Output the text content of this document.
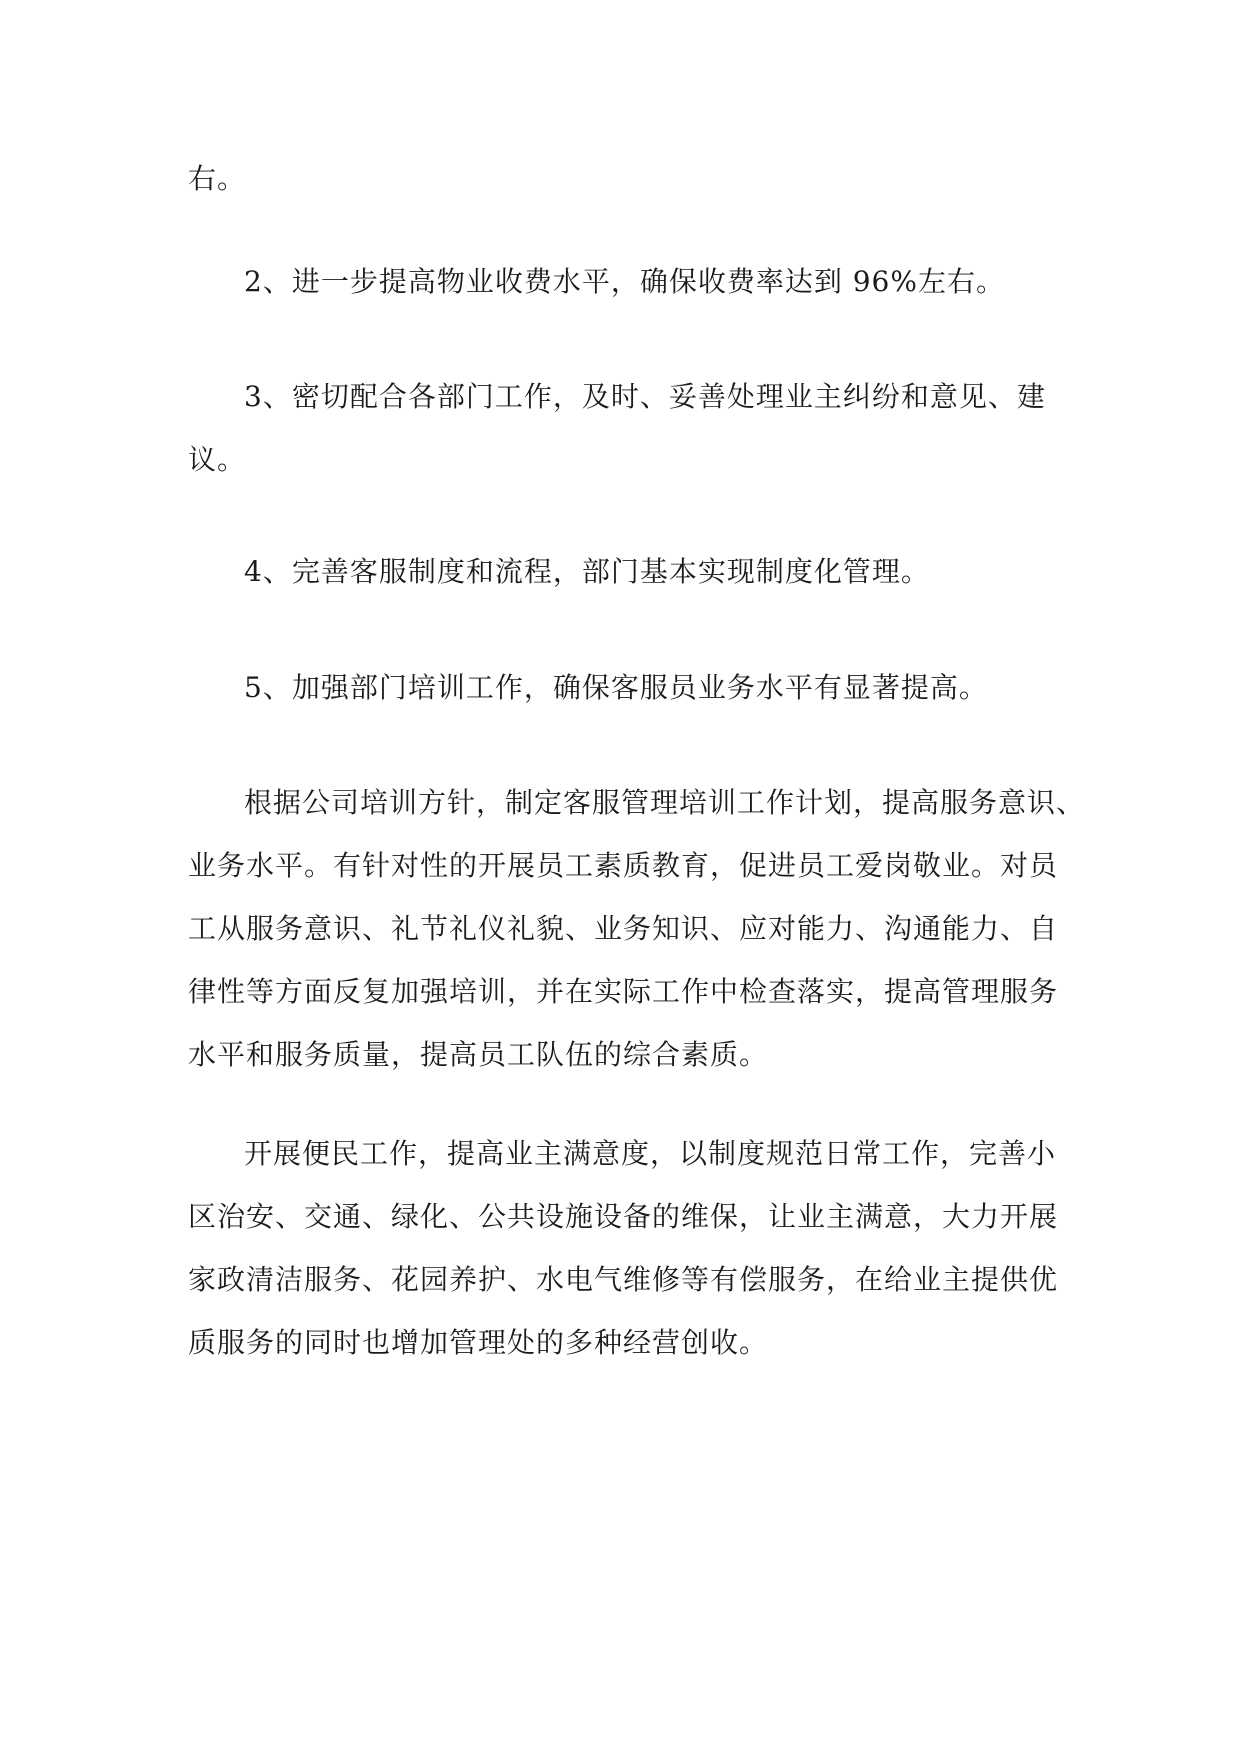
右。

2、进一步提高物业收费水平，确保收费率达到 96%左右。

3、密切配合各部门工作，及时、妥善处理业主纠纷和意见、建
议。

4、完善客服制度和流程，部门基本实现制度化管理。

5、加强部门培训工作，确保客服员业务水平有显著提高。

根据公司培训方针，制定客服管理培训工作计划，提高服务意识、
业务水平。有针对性的开展员工素质教育，促进员工爱岗敬业。对员
工从服务意识、礼节礼仪礼貌、业务知识、应对能力、沟通能力、自
律性等方面反复加强培训，并在实际工作中检查落实，提高管理服务
水平和服务质量，提高员工队伍的综合素质。

开展便民工作，提高业主满意度，以制度规范日常工作，完善小
区治安、交通、绿化、公共设施设备的维保，让业主满意，大力开展
家政清洁服务、花园养护、水电气维修等有偿服务，在给业主提供优
质服务的同时也增加管理处的多种经营创收。
